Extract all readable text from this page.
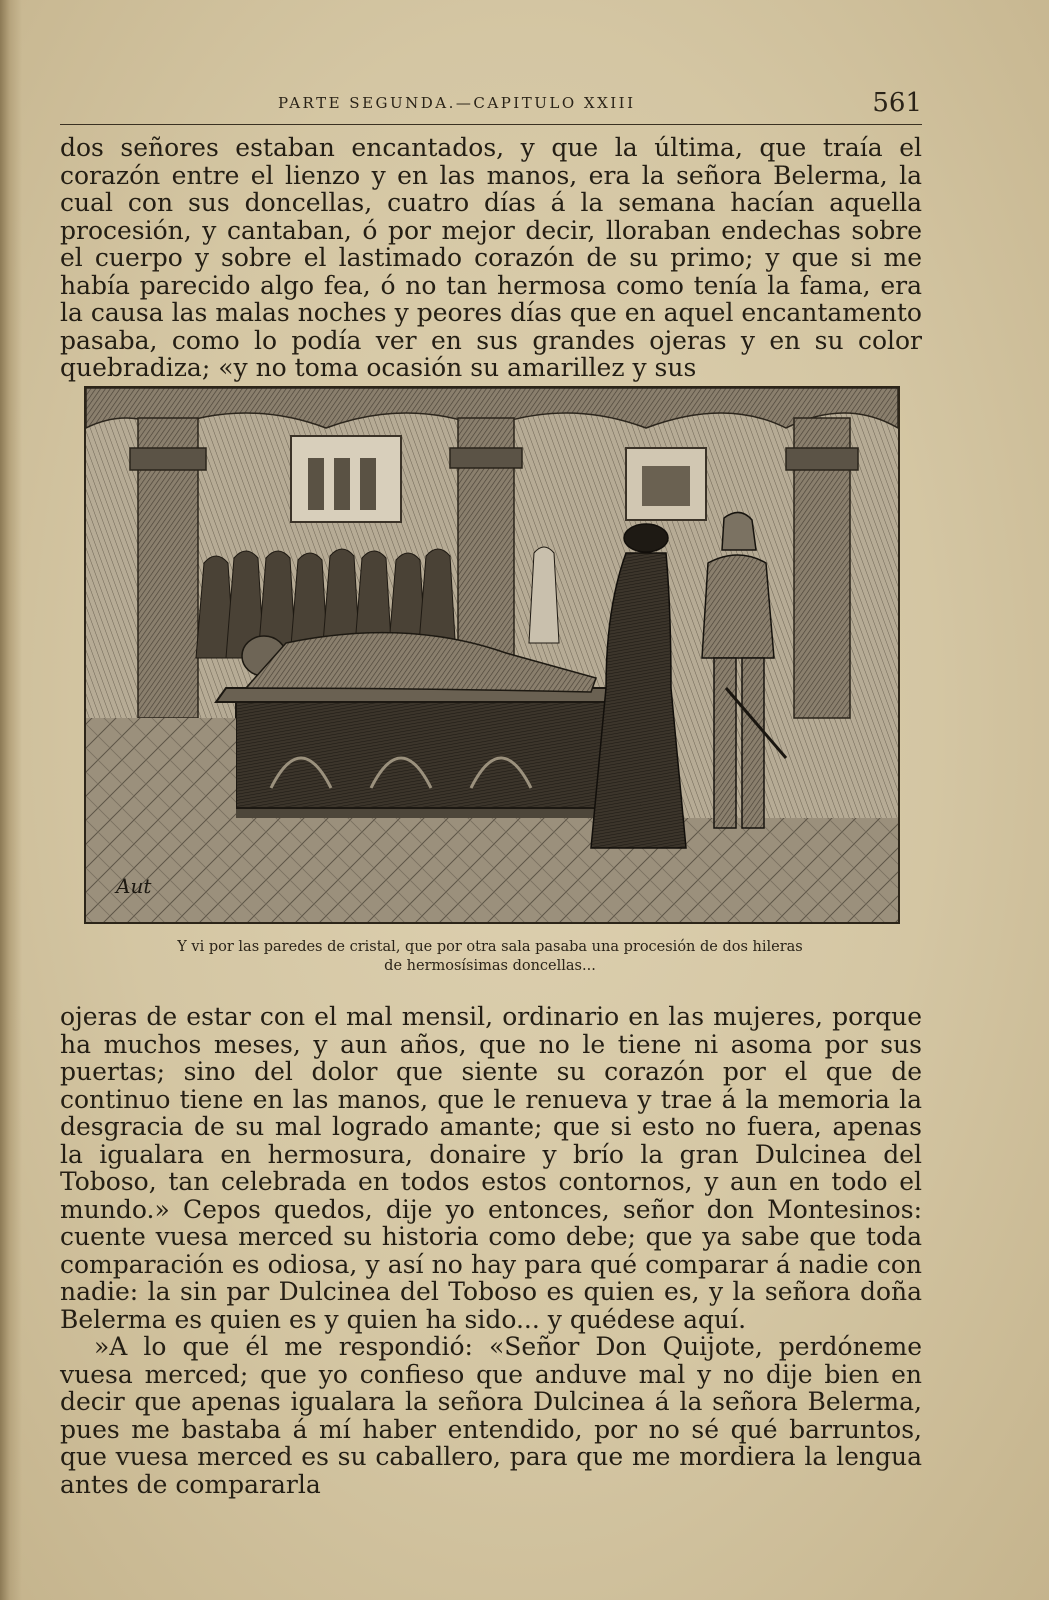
PARTE SEGUNDA.—CAPITULO XXIII	561

dos señores estaban encantados, y que la última, que traía el corazón entre el lienzo y en las manos, era la señora Belerma, la cual con sus doncellas, cuatro días á la semana hacían aquella procesión, y cantaban, ó por mejor decir, lloraban endechas sobre el cuerpo y sobre el lastimado corazón de su primo; y que si me había parecido algo fea, ó no tan hermosa como tenía la fama, era la causa las malas noches y peores días que en aquel encantamento pasaba, como lo podía ver en sus grandes ojeras y en su color quebradiza; «y no toma ocasión su amarillez y sus

Aut
Y vi por las paredes de cristal, que por otra sala pasaba una procesión de dos hileras
de hermosísimas doncellas...

ojeras de estar con el mal mensil, ordinario en las mujeres, porque ha muchos meses, y aun años, que no le tiene ni asoma por sus puertas; sino del dolor que siente su corazón por el que de continuo tiene en las manos, que le renueva y trae á la memoria la desgracia de su mal logrado amante; que si esto no fuera, apenas la igualara en hermosura, donaire y brío la gran Dulcinea del Toboso, tan celebrada en todos estos contornos, y aun en todo el mundo.» Cepos quedos, dije yo entonces, señor don Montesinos: cuente vuesa merced su historia como debe; que ya sabe que toda comparación es odiosa, y así no hay para qué comparar á nadie con nadie: la sin par Dulcinea del Toboso es quien es, y la señora doña Belerma es quien es y quien ha sido... y quédese aquí.

»A lo que él me respondió: «Señor Don Quijote, perdóneme vuesa merced; que yo confieso que anduve mal y no dije bien en decir que apenas igualara la señora Dulcinea á la señora Belerma, pues me bastaba á mí haber entendido, por no sé qué barruntos, que vuesa merced es su caballero, para que me mordiera la lengua antes de compararla
